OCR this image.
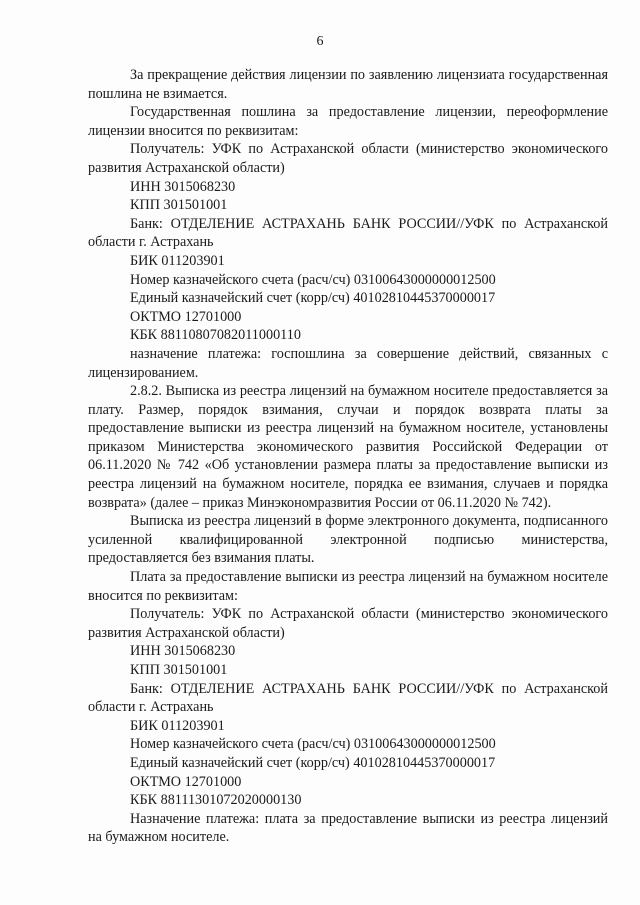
6

За прекращение действия лицензии по заявлению лицензиата государственная пошлина не взимается.

Государственная пошлина за предоставление лицензии, переоформление лицензии вносится по реквизитам:

Получатель: УФК по Астраханской области (министерство экономического развития Астраханской области)

ИНН 3015068230

КПП 301501001

Банк: ОТДЕЛЕНИЕ АСТРАХАНЬ БАНК РОССИИ//УФК по Астраханской области г. Астрахань

БИК 011203901

Номер казначейского счета (расч/сч) 03100643000000012500

Единый казначейский счет (корр/сч) 40102810445370000017

ОКТМО 12701000

КБК 88110807082011000110

назначение платежа: госпошлина за совершение действий, связанных с лицензированием.

2.8.2. Выписка из реестра лицензий на бумажном носителе предоставляется за плату. Размер, порядок взимания, случаи и порядок возврата платы за предоставление выписки из реестра лицензий на бумажном носителе, установлены приказом Министерства экономического развития Российской Федерации от 06.11.2020 № 742 «Об установлении размера платы за предоставление выписки из реестра лицензий на бумажном носителе, порядка ее взимания, случаев и порядка возврата» (далее – приказ Минэкономразвития России от 06.11.2020 № 742).

Выписка из реестра лицензий в форме электронного документа, подписанного усиленной квалифицированной электронной подписью министерства, предоставляется без взимания платы.

Плата за предоставление выписки из реестра лицензий на бумажном носителе вносится по реквизитам:

Получатель: УФК по Астраханской области (министерство экономического развития Астраханской области)

ИНН 3015068230

КПП 301501001

Банк: ОТДЕЛЕНИЕ АСТРАХАНЬ БАНК РОССИИ//УФК по Астраханской области г. Астрахань

БИК 011203901

Номер казначейского счета (расч/сч) 03100643000000012500

Единый казначейский счет (корр/сч) 40102810445370000017

ОКТМО 12701000

КБК 88111301072020000130

Назначение платежа: плата за предоставление выписки из реестра лицензий на бумажном носителе.
